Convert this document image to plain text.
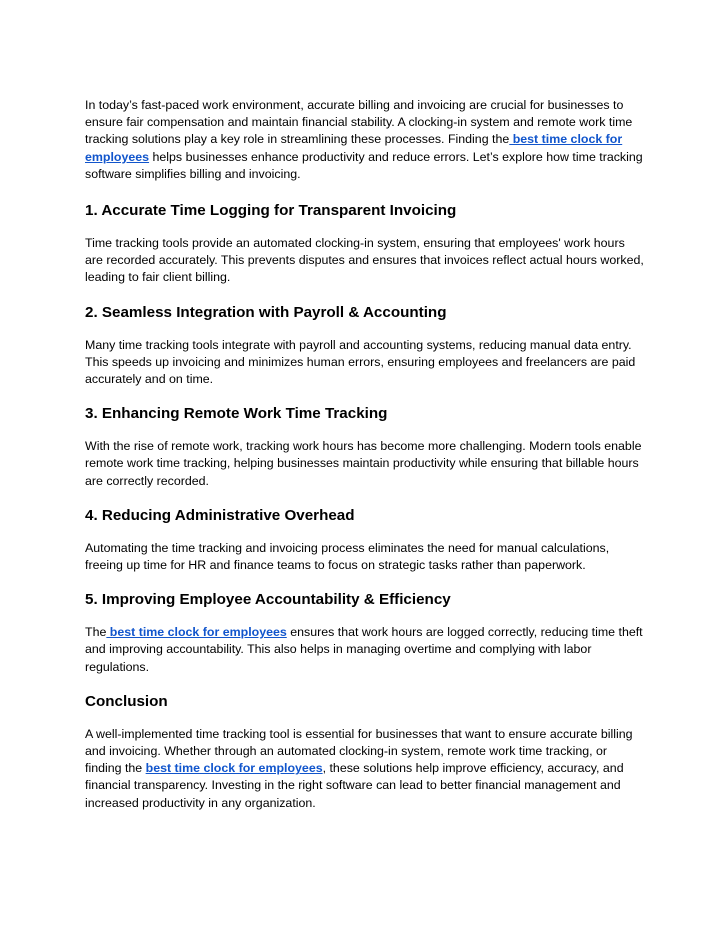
In today’s fast-paced work environment, accurate billing and invoicing are crucial for businesses to ensure fair compensation and maintain financial stability. A clocking-in system and remote work time tracking solutions play a key role in streamlining these processes. Finding the best time clock for employees helps businesses enhance productivity and reduce errors. Let’s explore how time tracking software simplifies billing and invoicing.

1. Accurate Time Logging for Transparent Invoicing

Time tracking tools provide an automated clocking-in system, ensuring that employees' work hours are recorded accurately. This prevents disputes and ensures that invoices reflect actual hours worked, leading to fair client billing.

2. Seamless Integration with Payroll & Accounting

Many time tracking tools integrate with payroll and accounting systems, reducing manual data entry. This speeds up invoicing and minimizes human errors, ensuring employees and freelancers are paid accurately and on time.

3. Enhancing Remote Work Time Tracking

With the rise of remote work, tracking work hours has become more challenging. Modern tools enable remote work time tracking, helping businesses maintain productivity while ensuring that billable hours are correctly recorded.

4. Reducing Administrative Overhead

Automating the time tracking and invoicing process eliminates the need for manual calculations, freeing up time for HR and finance teams to focus on strategic tasks rather than paperwork.

5. Improving Employee Accountability & Efficiency

The best time clock for employees ensures that work hours are logged correctly, reducing time theft and improving accountability. This also helps in managing overtime and complying with labor regulations.

Conclusion

A well-implemented time tracking tool is essential for businesses that want to ensure accurate billing and invoicing. Whether through an automated clocking-in system, remote work time tracking, or finding the best time clock for employees, these solutions help improve efficiency, accuracy, and financial transparency. Investing in the right software can lead to better financial management and increased productivity in any organization.
